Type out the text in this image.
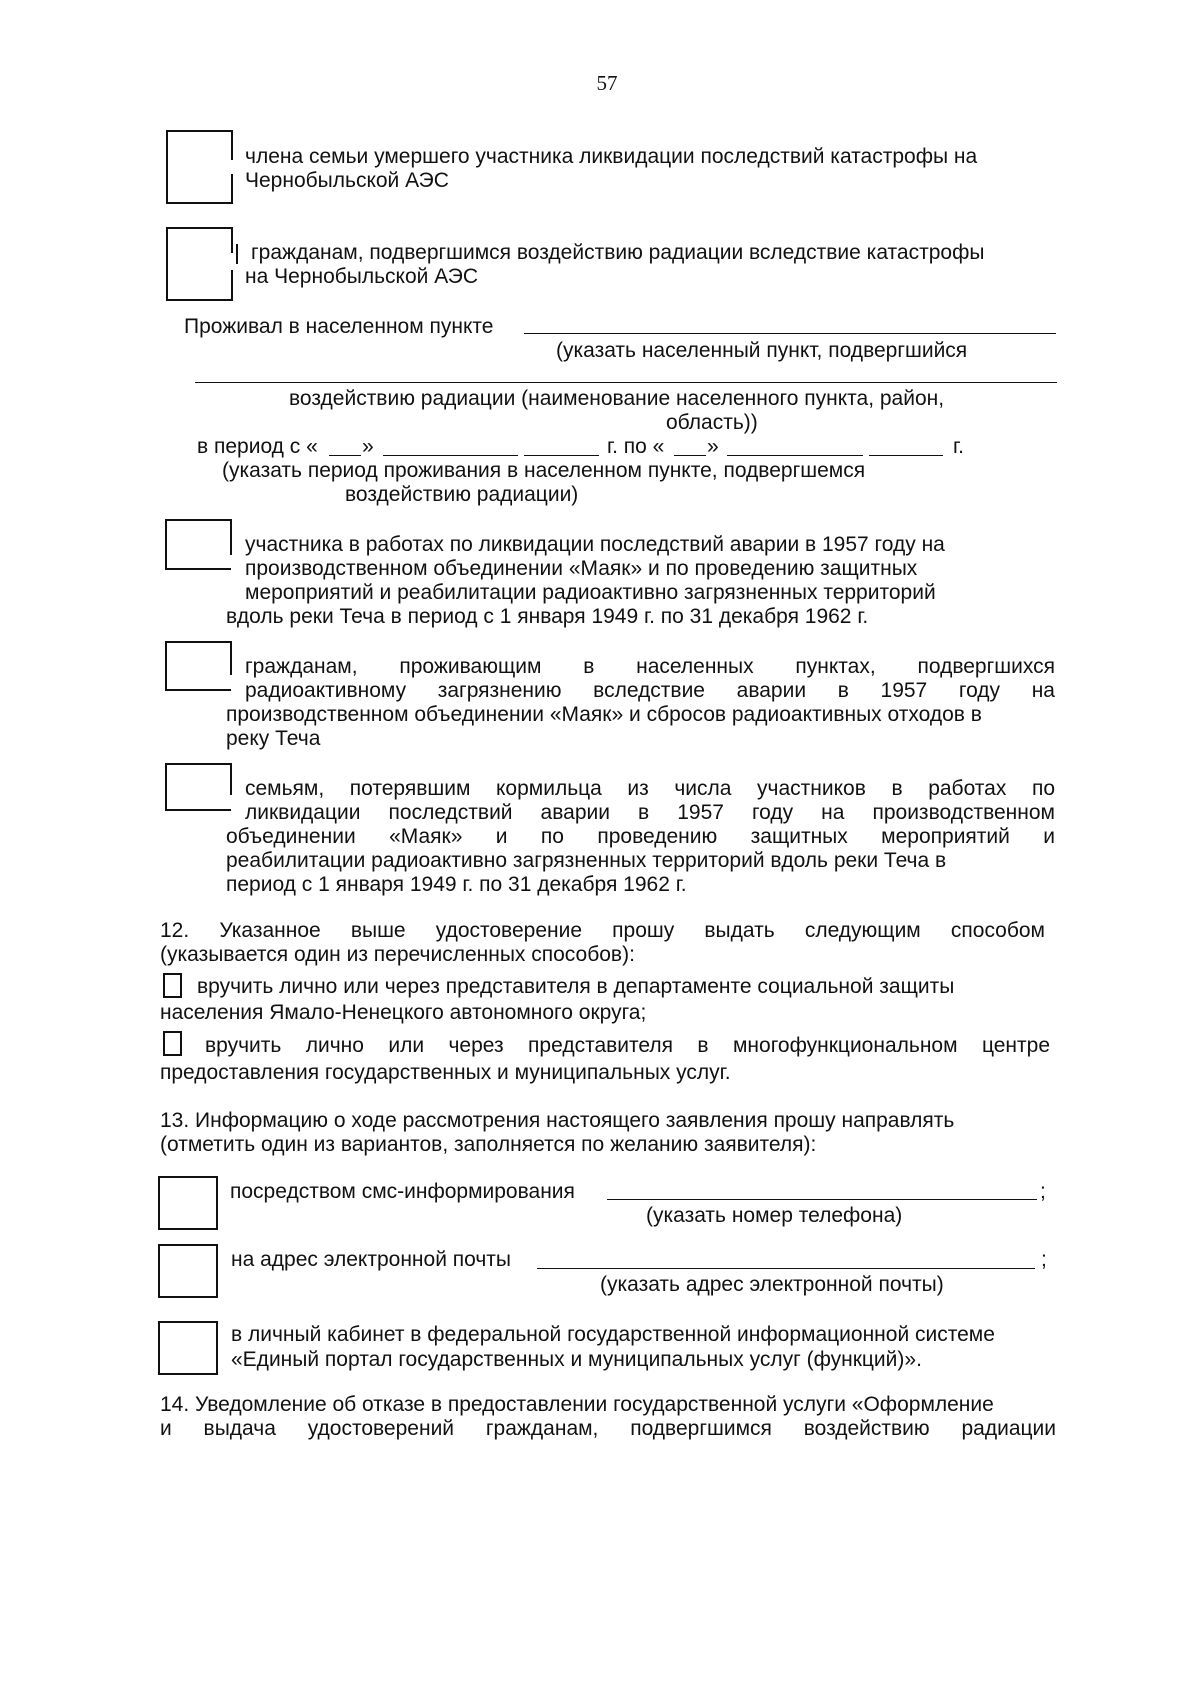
57
члена семьи умершего участника ликвидации последствий катастрофы на
Чернобыльской АЭС
гражданам, подвергшимся воздействию радиации вследствие катастрофы
на Чернобыльской АЭС
Проживал в населенном пункте
(указать населенный пункт, подвергшийся
воздействию радиации (наименование населенного пункта, район,
область))
в период с « »	г. по « »	г.
(указать период проживания в населенном пункте, подвергшемся
воздействию радиации)
участника в работах по ликвидации последствий аварии в 1957 году на
производственном объединении «Маяк» и по проведению защитных
мероприятий и реабилитации радиоактивно загрязненных территорий
вдоль реки Теча в период с 1 января 1949 г. по 31 декабря 1962 г.
гражданам, проживающим в населенных пунктах, подвергшихся
радиоактивному загрязнению вследствие аварии в 1957 году на
производственном объединении «Маяк» и сбросов радиоактивных отходов в
реку Теча
семьям, потерявшим кормильца из числа участников в работах по
ликвидации последствий аварии в 1957 году на производственном
объединении «Маяк» и по проведению защитных мероприятий и
реабилитации радиоактивно загрязненных территорий вдоль реки Теча в
период с 1 января 1949 г. по 31 декабря 1962 г.
12. Указанное выше удостоверение прошу выдать следующим способом
(указывается один из перечисленных способов):
вручить лично или через представителя в департаменте социальной защиты
населения Ямало-Ненецкого автономного округа;
вручить лично или через представителя в многофункциональном центре
предоставления государственных и муниципальных услуг.
13. Информацию о ходе рассмотрения настоящего заявления прошу направлять
(отметить один из вариантов, заполняется по желанию заявителя):
посредством смс-информирования	;
(указать номер телефона)
на адрес электронной почты	;
(указать адрес электронной почты)
в личный кабинет в федеральной государственной информационной системе
«Единый портал государственных и муниципальных услуг (функций)».
14. Уведомление об отказе в предоставлении государственной услуги «Оформление
и выдача удостоверений гражданам, подвергшимся воздействию радиации
